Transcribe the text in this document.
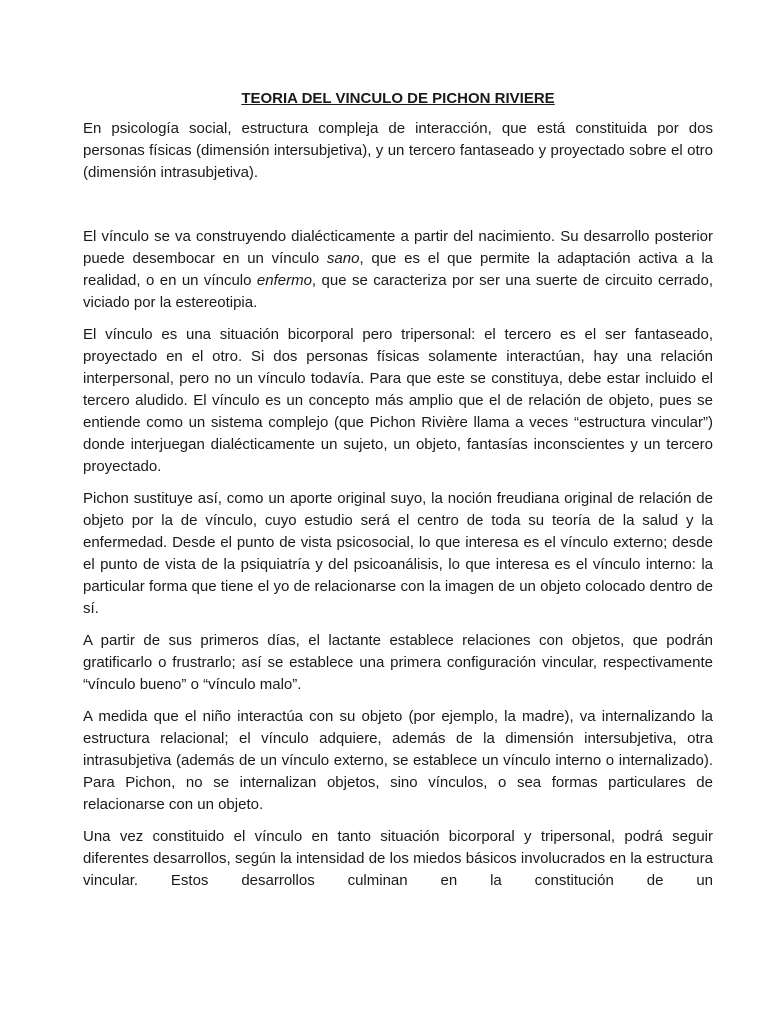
TEORIA DEL VINCULO DE PICHON RIVIERE

En psicología social, estructura compleja de interacción, que está constituida por dos personas físicas (dimensión intersubjetiva), y un tercero fantaseado y proyectado sobre el otro (dimensión intrasubjetiva).

El vínculo se va construyendo dialécticamente a partir del nacimiento. Su desarrollo posterior puede desembocar en un vínculo sano, que es el que permite la adaptación activa a la realidad, o en un vínculo enfermo, que se caracteriza por ser una suerte de circuito cerrado, viciado por la estereotipia.

El vínculo es una situación bicorporal pero tripersonal: el tercero es el ser fantaseado, proyectado en el otro. Si dos personas físicas solamente interactúan, hay una relación interpersonal, pero no un vínculo todavía. Para que este se constituya, debe estar incluido el tercero aludido. El vínculo es un concepto más amplio que el de relación de objeto, pues se entiende como un sistema complejo (que Pichon Rivière llama a veces “estructura vincular”) donde interjuegan dialécticamente un sujeto, un objeto, fantasías inconscientes y un tercero proyectado.

Pichon sustituye así, como un aporte original suyo, la noción freudiana original de relación de objeto por la de vínculo, cuyo estudio será el centro de toda su teoría de la salud y la enfermedad. Desde el punto de vista psicosocial, lo que interesa es el vínculo externo; desde el punto de vista de la psiquiatría y del psicoanálisis, lo que interesa es el vínculo interno: la particular forma que tiene el yo de relacionarse con la imagen de un objeto colocado dentro de sí.

A partir de sus primeros días, el lactante establece relaciones con objetos, que podrán gratificarlo o frustrarlo; así se establece una primera configuración vincular, respectivamente “vínculo bueno” o “vínculo malo”.

A medida que el niño interactúa con su objeto (por ejemplo, la madre), va internalizando la estructura relacional; el vínculo adquiere, además de la dimensión intersubjetiva, otra intrasubjetiva (además de un vínculo externo, se establece un vínculo interno o internalizado). Para Pichon, no se internalizan objetos, sino vínculos, o sea formas particulares de relacionarse con un objeto.

Una vez constituido el vínculo en tanto situación bicorporal y tripersonal, podrá seguir diferentes desarrollos, según la intensidad de los miedos básicos involucrados en la estructura vincular. Estos desarrollos culminan en la constitución de un
